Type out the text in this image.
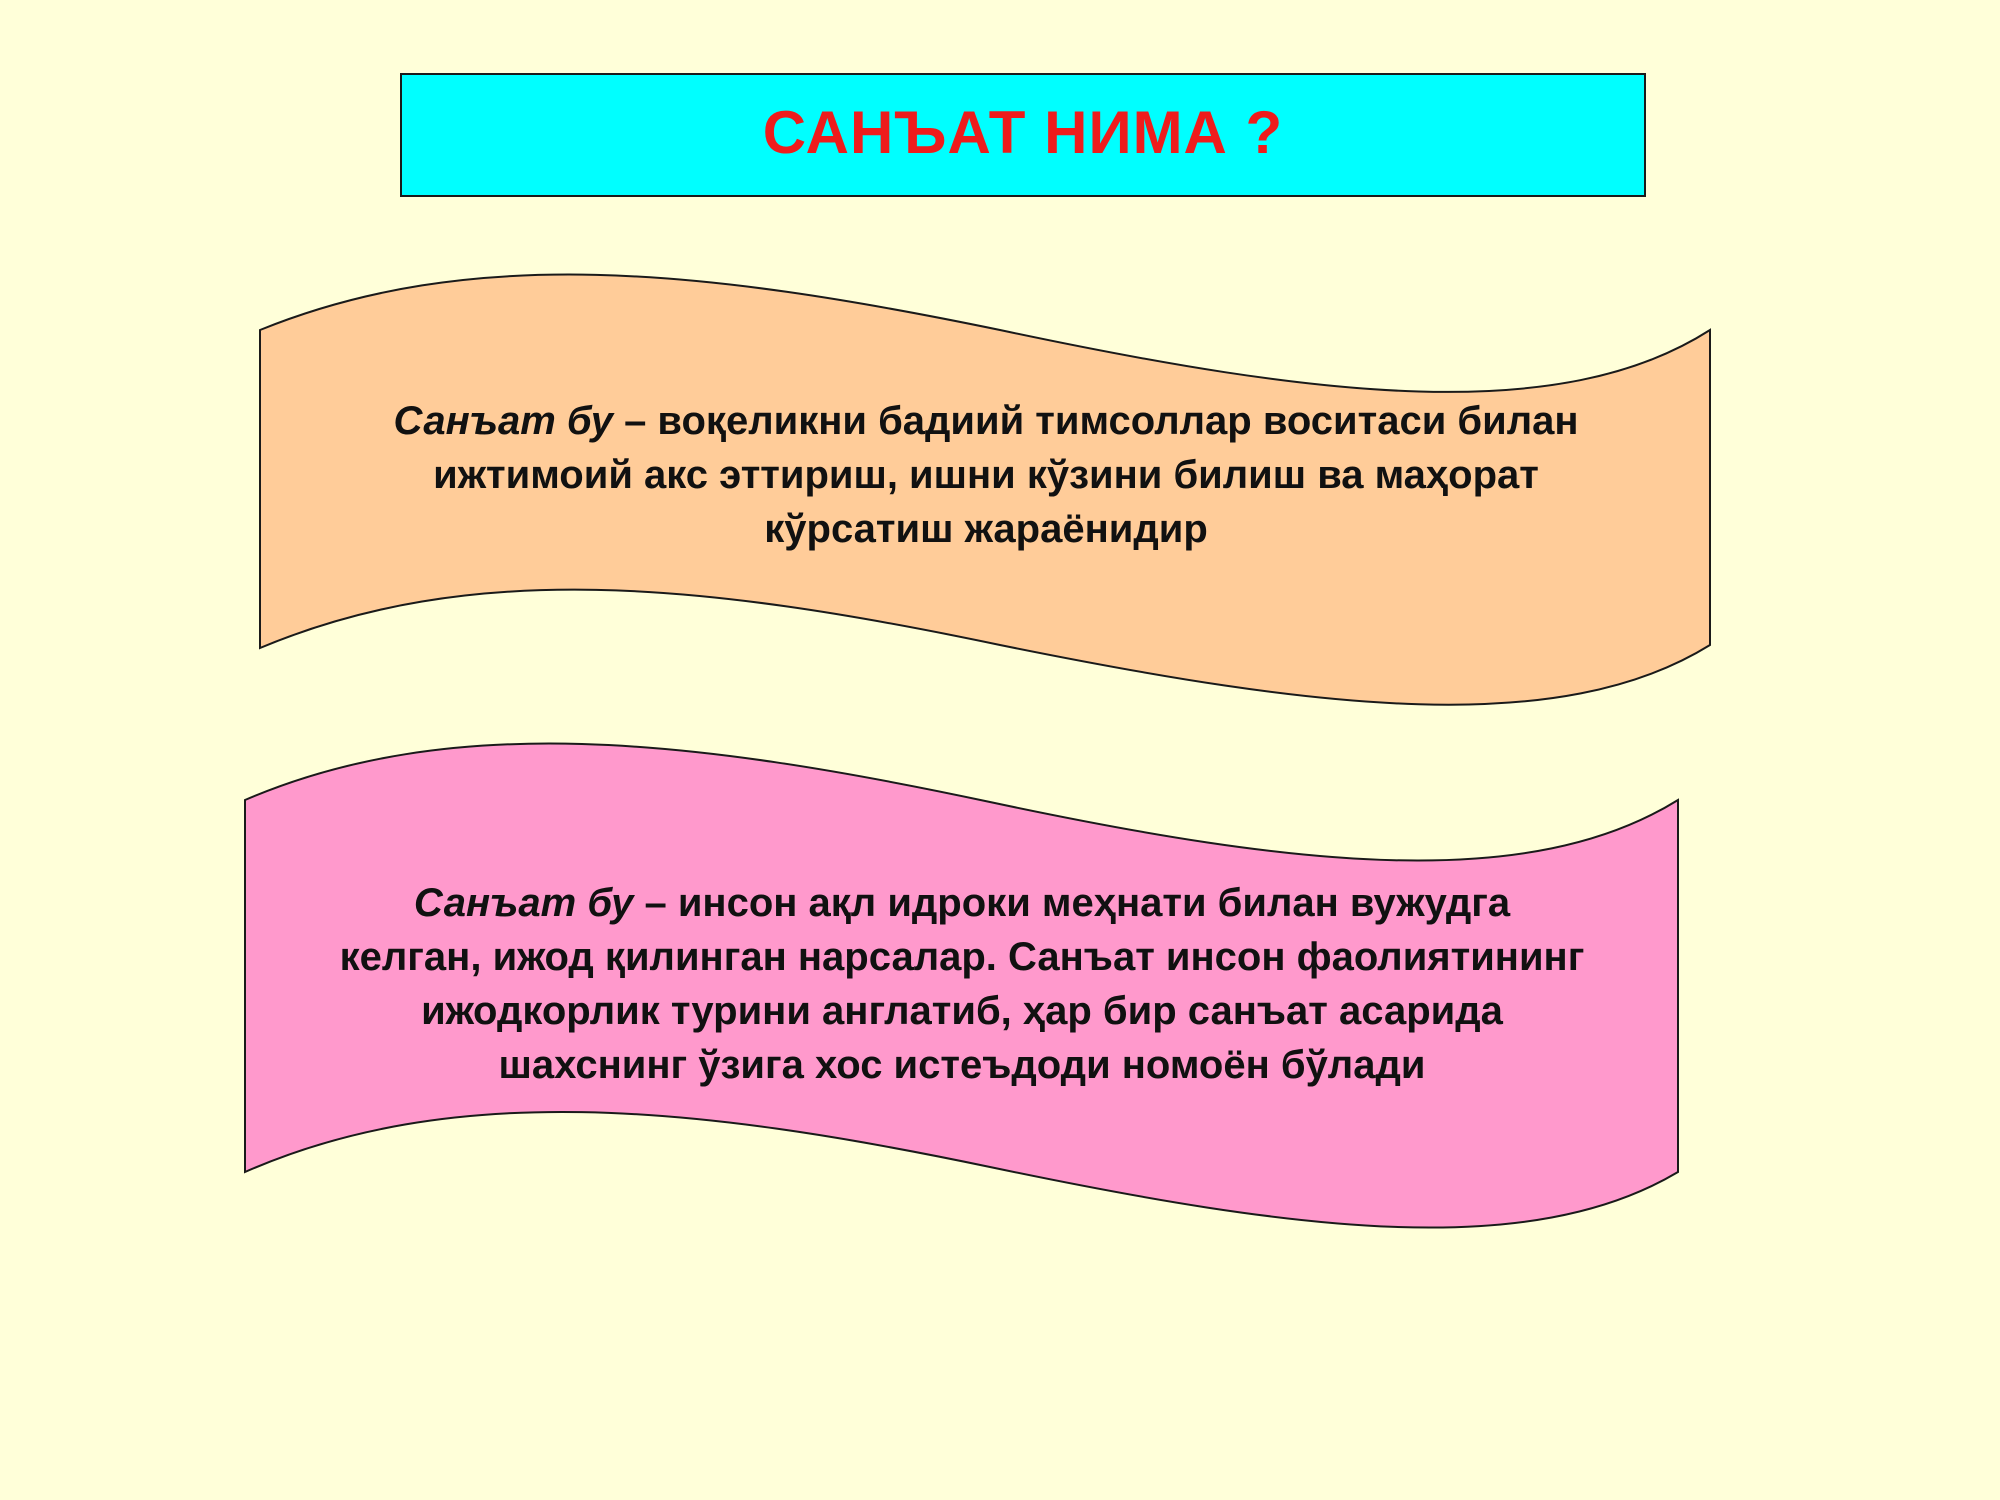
САНЪАТ НИМА ?
Санъат бу – воқеликни бадиий тимсоллар воситаси билан
ижтимоий акс эттириш, ишни кўзини билиш ва маҳорат
кўрсатиш жараёнидир
Санъат бу – инсон ақл идроки меҳнати билан вужудга
келган, ижод қилинган нарсалар. Санъат инсон фаолиятининг
ижодкорлик турини англатиб, ҳар бир санъат асарида
шахснинг ўзига хос истеъдоди номоён бўлади
